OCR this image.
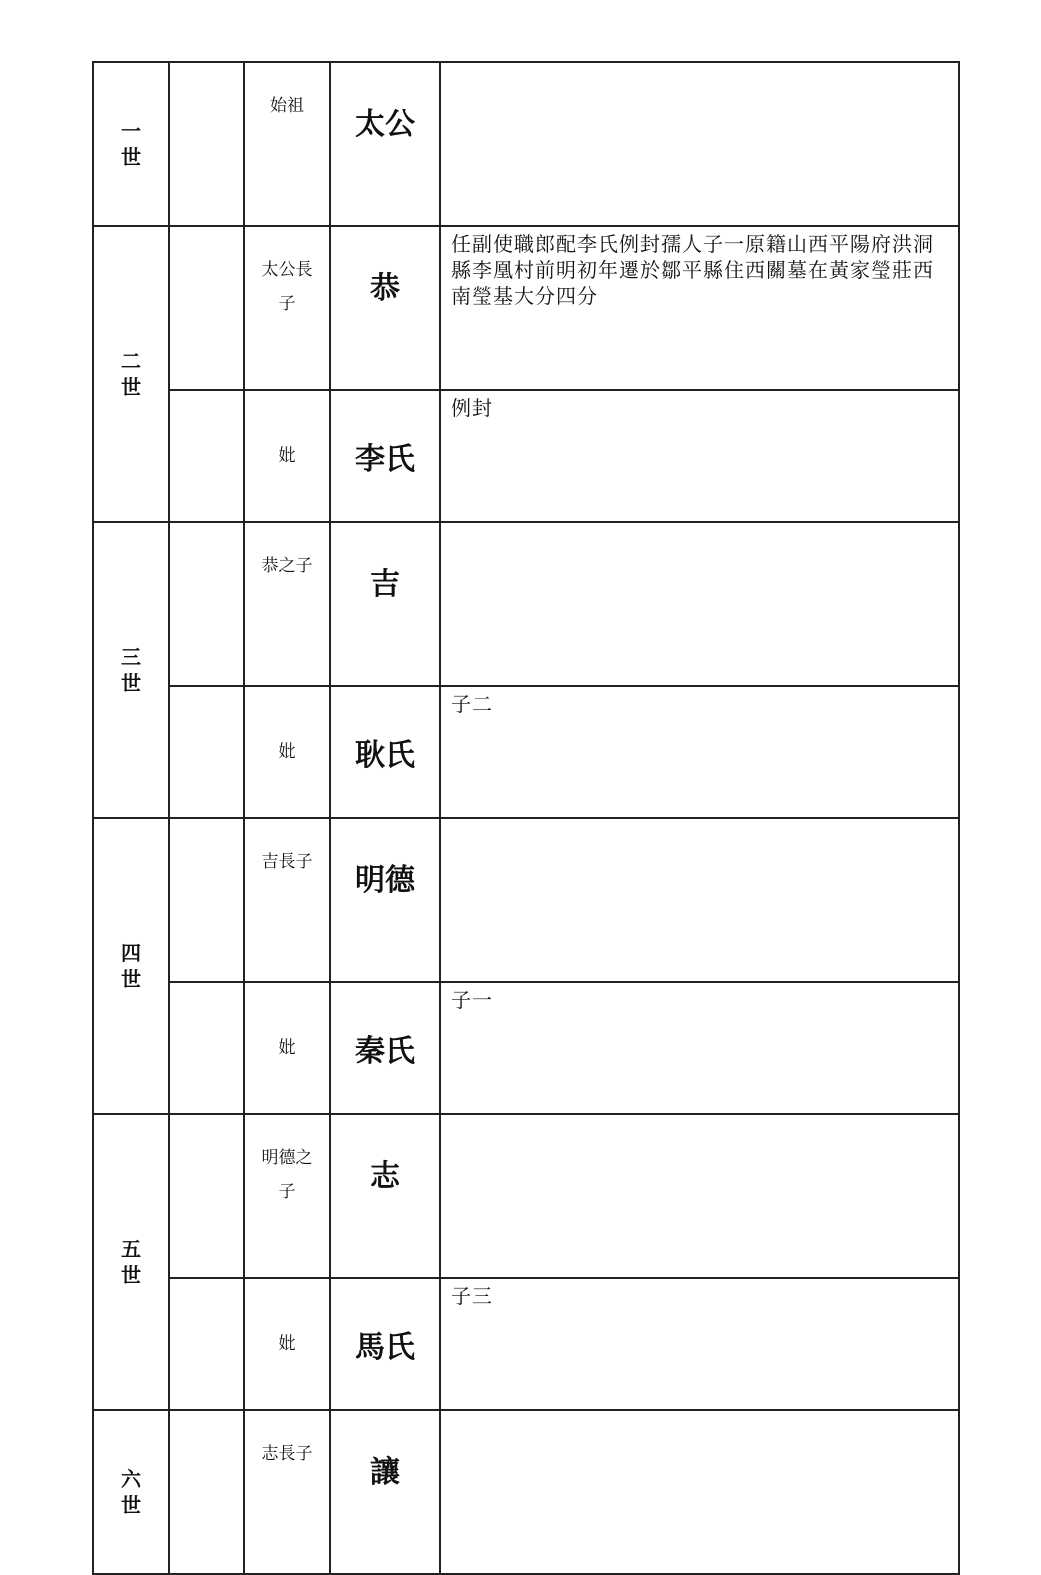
一
世		始祖	太公	

二
世		太公長子	恭	任副使職郎配李氏例封孺人子一原籍山西平陽府洪洞縣李凰村前明初年遷於鄒平縣住西關墓在黃家瑩莊西南瑩基大分四分
		妣	李氏	例封

三
世		恭之子	吉	
		妣	耿氏	子二

四
世		吉長子	明德	
		妣	秦氏	子一

五
世		明德之子	志	
		妣	馬氏	子三

六
世		志長子	讓	
